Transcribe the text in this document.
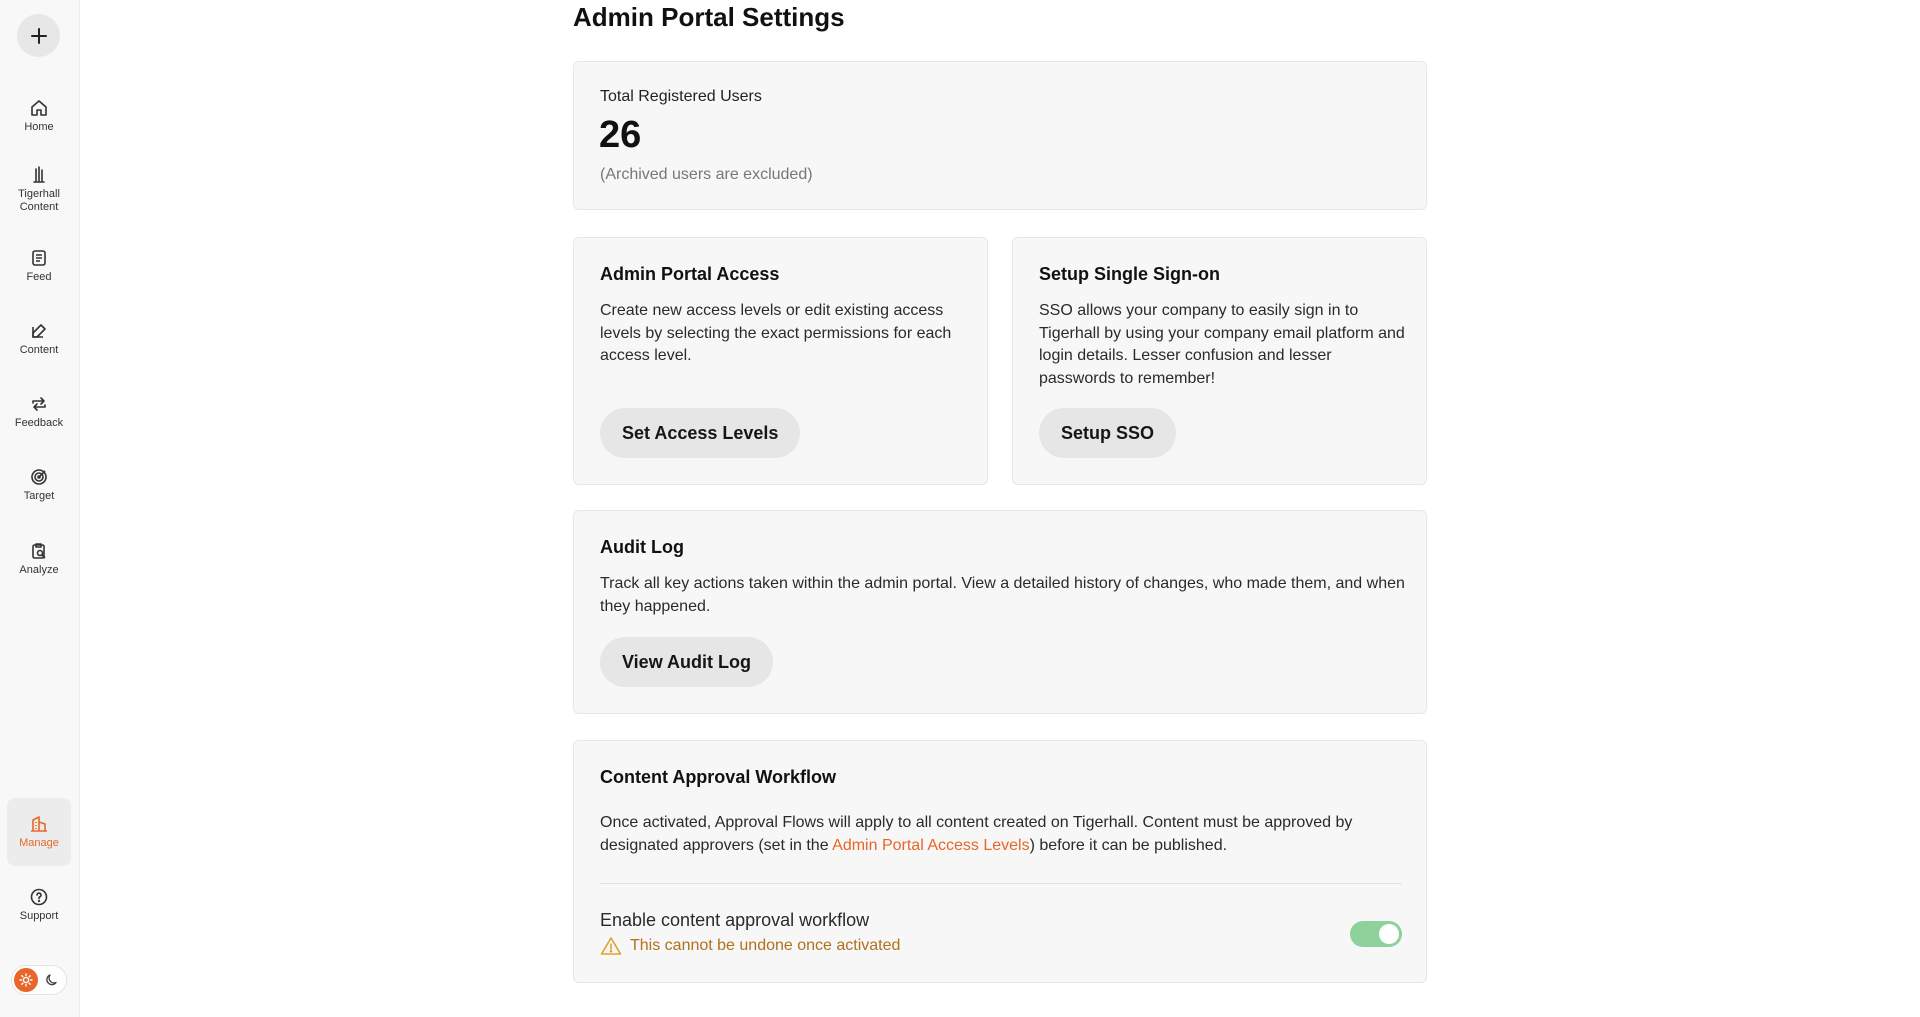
Home
Tigerhall Content
Feed
Content
Feedback
Target
Analyze
Manage
Support
Admin Portal Settings
Total Registered Users
26
(Archived users are excluded)
Admin Portal Access
Create new access levels or edit existing access
levels by selecting the exact permissions for each
access level.
Set Access Levels
Setup Single Sign-on
SSO allows your company to easily sign in to
Tigerhall by using your company email platform and
login details. Lesser confusion and lesser
passwords to remember!
Setup SSO
Audit Log
Track all key actions taken within the admin portal. View a detailed history of changes, who made them, and when
they happened.
View Audit Log
Content Approval Workflow
Once activated, Approval Flows will apply to all content created on Tigerhall. Content must be approved by
designated approvers (set in the Admin Portal Access Levels) before it can be published.
Enable content approval workflow
This cannot be undone once activated
